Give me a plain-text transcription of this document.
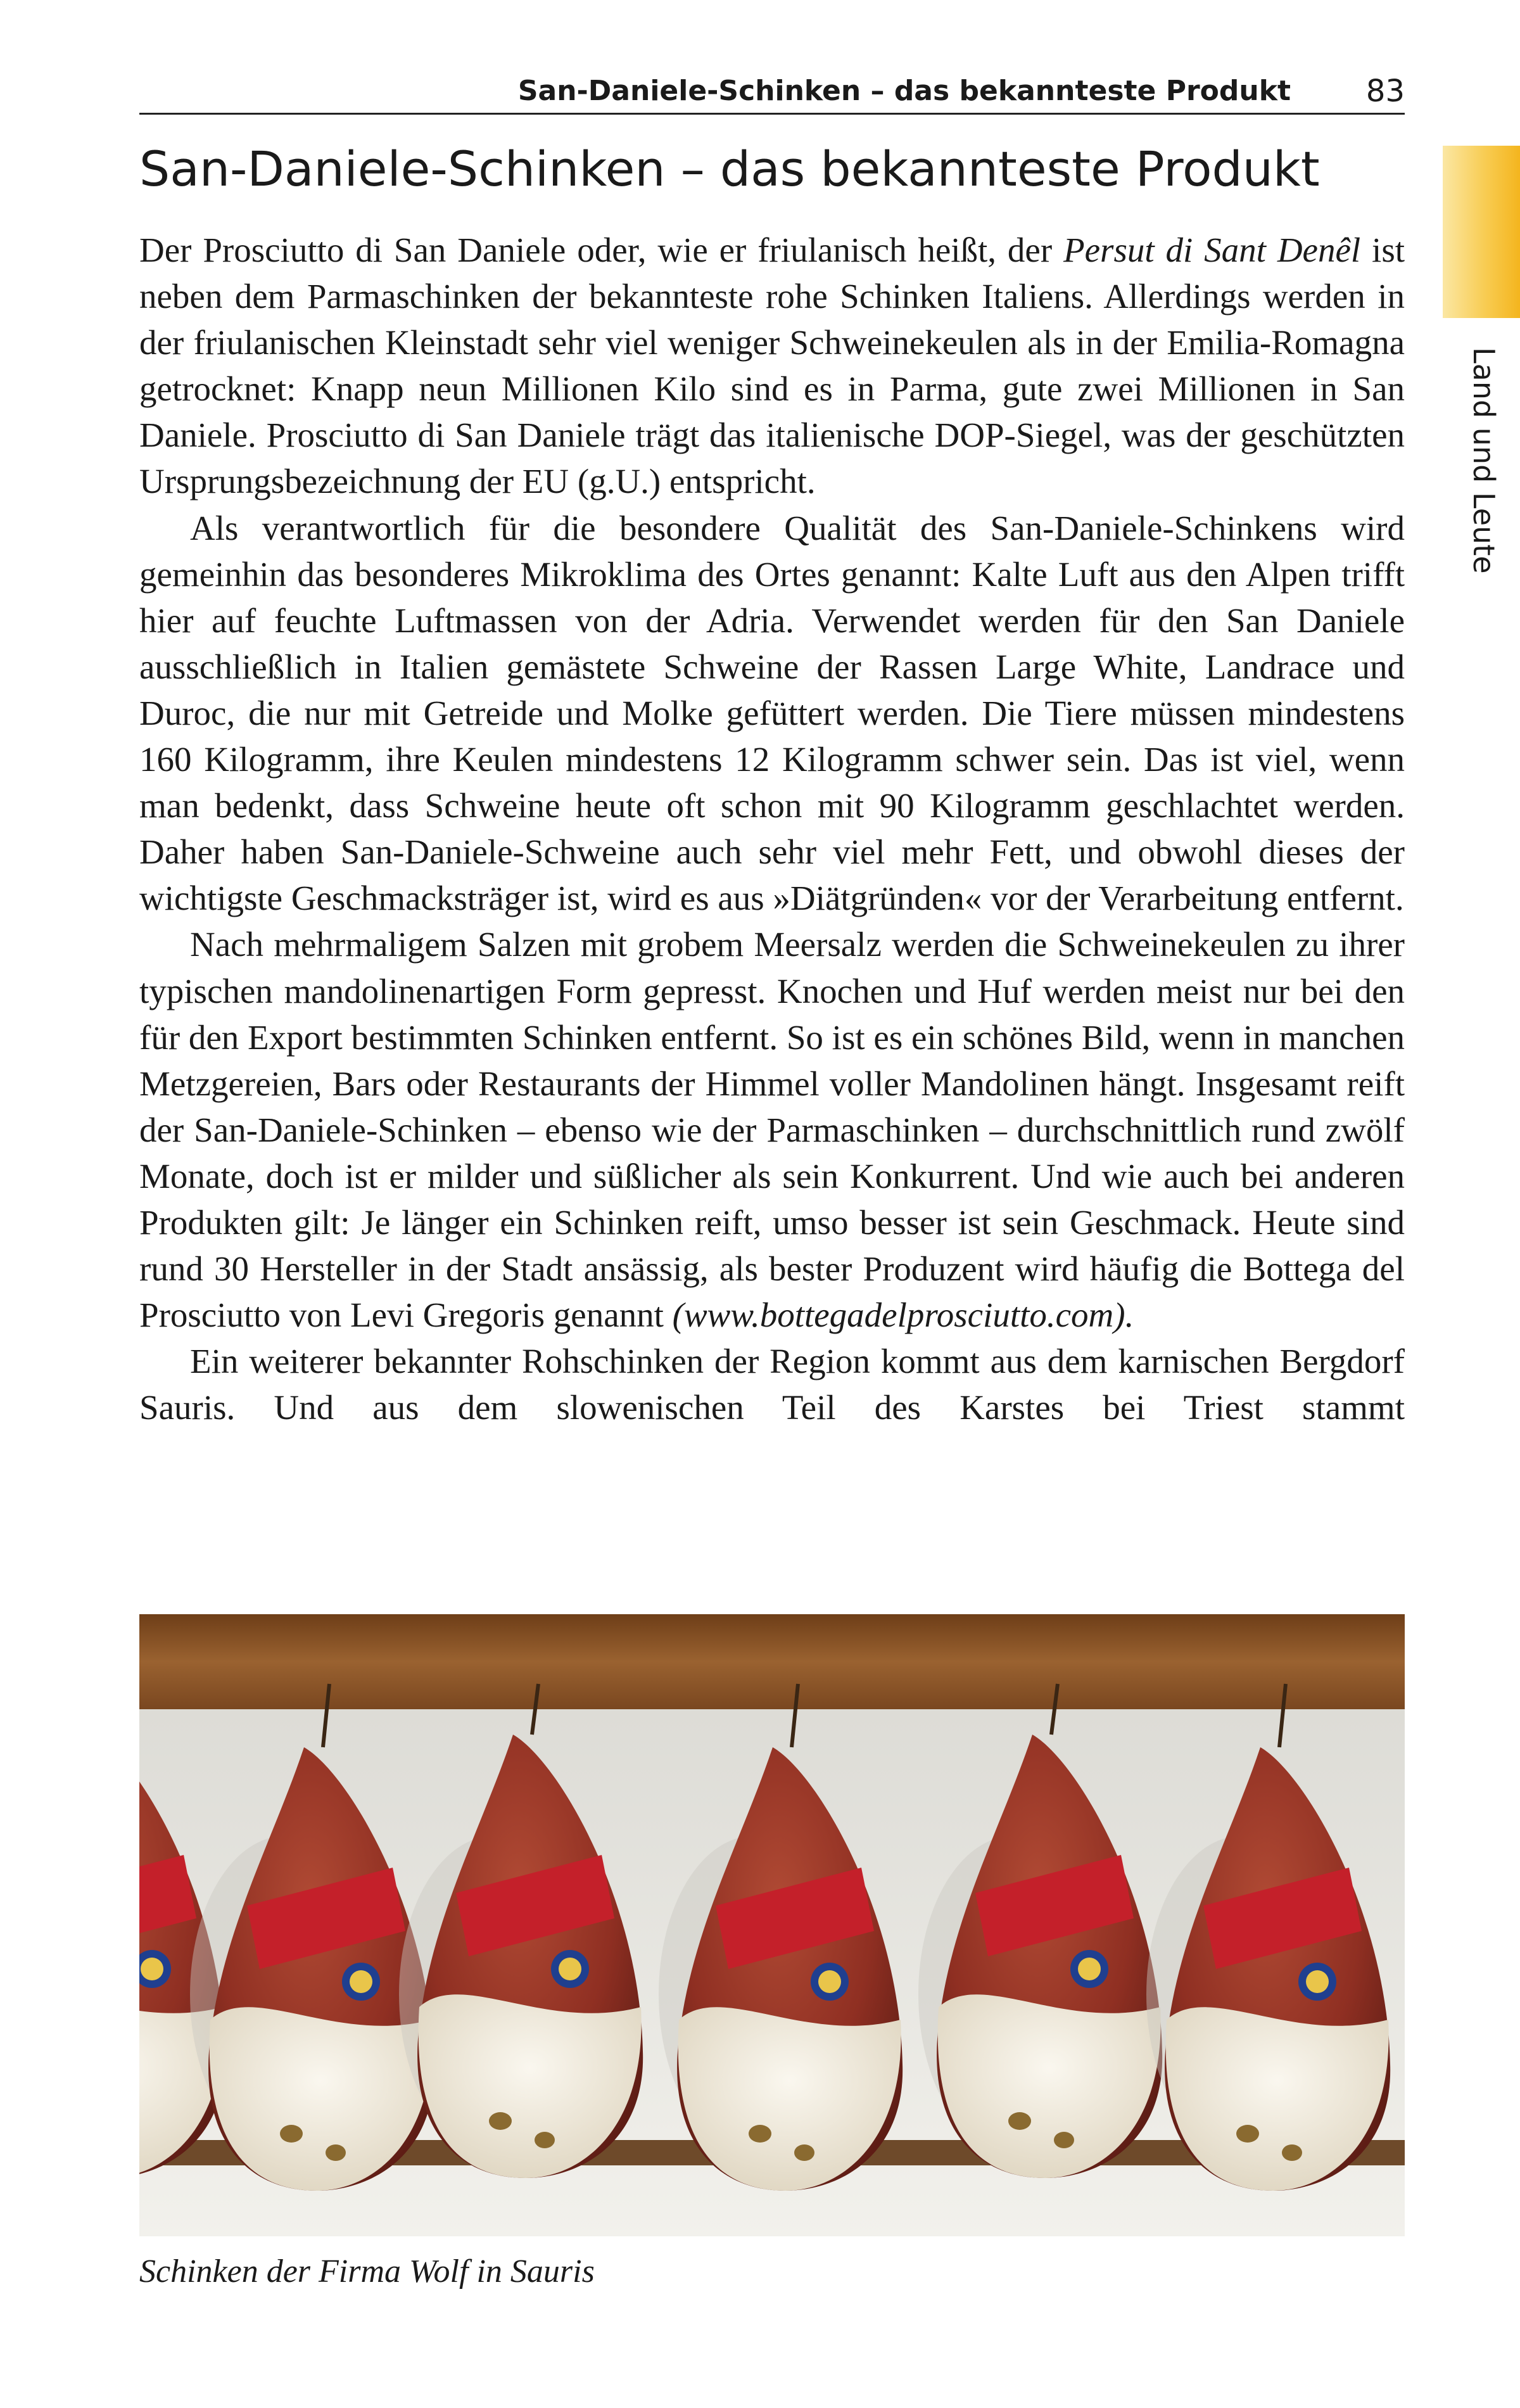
San-Daniele-Schinken – das bekannteste Produkt 83
Land und Leute
San-Daniele-Schinken – das bekannteste Produkt

Der Prosciutto di San Daniele oder, wie er friulanisch heißt, der Persut di Sant Denêl ist neben dem Parmaschinken der bekannteste rohe Schinken Italiens. Allerdings werden in der friulanischen Kleinstadt sehr viel weniger Schweinekeulen als in der Emilia-Romagna getrocknet: Knapp neun Millionen Kilo sind es in Parma, gute zwei Millionen in San Daniele. Prosciutto di San Daniele trägt das italienische DOP-Siegel, was der geschützten Ursprungsbezeichnung der EU (g.U.) entspricht.

Als verantwortlich für die besondere Qualität des San-Daniele-Schinkens wird gemeinhin das besonderes Mikroklima des Ortes genannt: Kalte Luft aus den Alpen trifft hier auf feuchte Luftmassen von der Adria. Verwendet werden für den San Daniele ausschließlich in Italien gemästete Schweine der Rassen Large White, Landrace und Duroc, die nur mit Getreide und Molke gefüttert werden. Die Tiere müssen mindestens 160 Kilogramm, ihre Keulen mindestens 12 Kilogramm schwer sein. Das ist viel, wenn man bedenkt, dass Schweine heute oft schon mit 90 Kilogramm geschlachtet werden. Daher haben San-Daniele-Schweine auch sehr viel mehr Fett, und obwohl dieses der wichtigste Geschmacksträger ist, wird es aus »Diätgründen« vor der Verarbeitung entfernt.

Nach mehrmaligem Salzen mit grobem Meersalz werden die Schweinekeulen zu ihrer typischen mandolinenartigen Form gepresst. Knochen und Huf werden meist nur bei den für den Export bestimmten Schinken entfernt. So ist es ein schönes Bild, wenn in manchen Metzgereien, Bars oder Restaurants der Himmel voller Mandolinen hängt. Insgesamt reift der San-Daniele-Schinken – ebenso wie der Parmaschinken – durchschnittlich rund zwölf Monate, doch ist er milder und süßlicher als sein Konkurrent. Und wie auch bei anderen Produkten gilt: Je länger ein Schinken reift, umso besser ist sein Geschmack. Heute sind rund 30 Hersteller in der Stadt ansässig, als bester Produzent wird häufig die Bottega del Prosciutto von Levi Gregoris genannt (www.bottegadelprosciutto.com).

Ein weiterer bekannter Rohschinken der Region kommt aus dem karnischen Bergdorf Sauris. Und aus dem slowenischen Teil des Karstes bei Triest stammt

Schinken der Firma Wolf in Sauris
